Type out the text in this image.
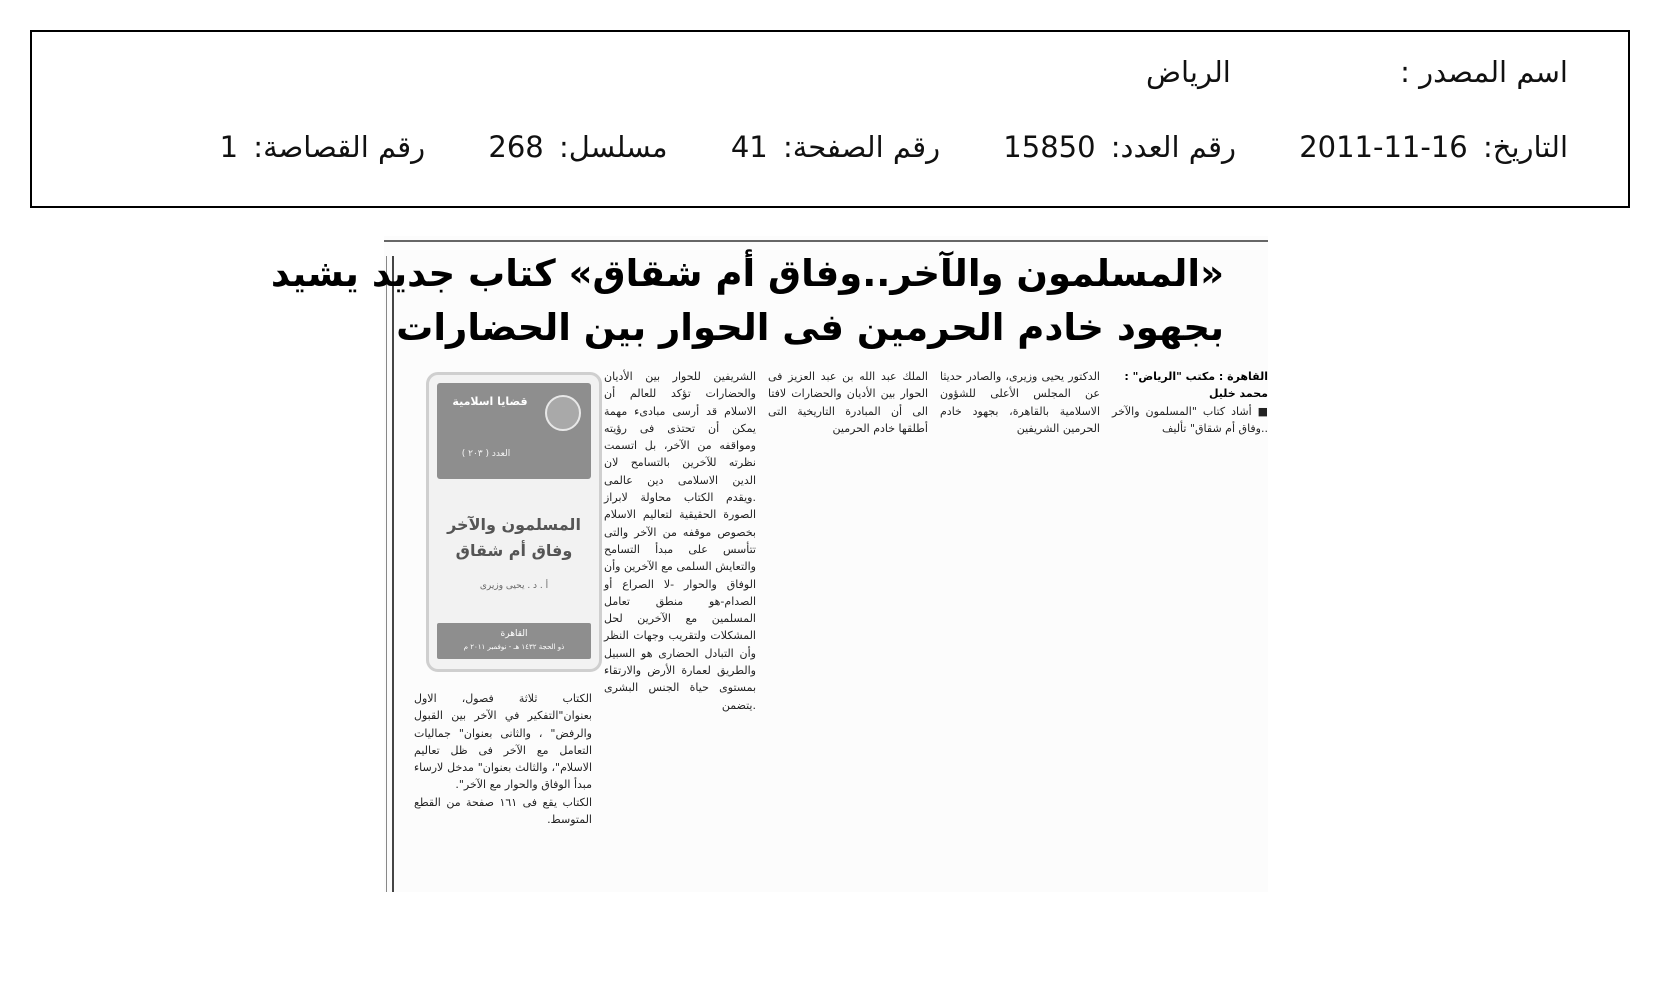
اسم المصدر : الرياض
التاريخ: 2011-11-16 رقم العدد: 15850 رقم الصفحة: 41 مسلسل: 268 رقم القصاصة: 1
«المسلمون والآخر..وفاق أم شقاق» كتاب جديد يشيد
بجهود خادم الحرمين فى الحوار بين الحضارات
القاهرة : مكتب "الرياض" :
محمد خليل
■ أشاد كتاب "المسلمون والآخر ..وفاق أم شقاق" تأليف
الدكتور يحيى وزيرى، والصادر حديثا عن المجلس الأعلى للشؤون الاسلامية بالقاهرة، بجهود خادم الحرمين الشريفين
الملك عبد الله بن عبد العزيز فى الحوار بين الأديان والحضارات لافتا الى أن المبادرة التاريخية التى أطلقها خادم الحرمين
الشريفين للحوار بين الأديان والحضارات تؤكد للعالم أن الاسلام قد أرسى مبادىء مهمة يمكن أن تحتذى فى رؤيته ومواقفه من الآخر، بل اتسمت نظرته للآخرين بالتسامح لان الدين الاسلامى دين عالمى .ويقدم الكتاب محاولة لابراز الصورة الحقيقية لتعاليم الاسلام بخصوص موقفه من الآخر والتى تتأسس على مبدأ التسامح والتعايش السلمى مع الآخرين وأن الوفاق والحوار -لا الصراع أو الصدام-هو منطق تعامل المسلمين مع الآخرين لحل المشكلات ولتقريب وجهات النظر وأن التبادل الحضارى هو السبيل والطريق لعمارة الأرض والارتقاء بمستوى حياة الجنس البشرى .يتضمن
الكتاب ثلاثة فصول، الاول بعنوان"التفكير في الآخر بين القبول والرفض" ، والثانى بعنوان" جماليات التعامل مع الآخر فى ظل تعاليم الاسلام"، والثالث بعنوان" مدخل لارساء مبدأ الوفاق والحوار مع الآخر".
الكتاب يقع فى ١٦١ صفحة من القطع المتوسط.
قضايا اسلامية
العدد ( ٢٠٣ )
المسلمون والآخر
وفاق أم شقاق
أ . د . يحيى وزيرى
القاهرة
ذو الحجة ١٤٣٢ هـ - نوفمبر ٢٠١١ م
